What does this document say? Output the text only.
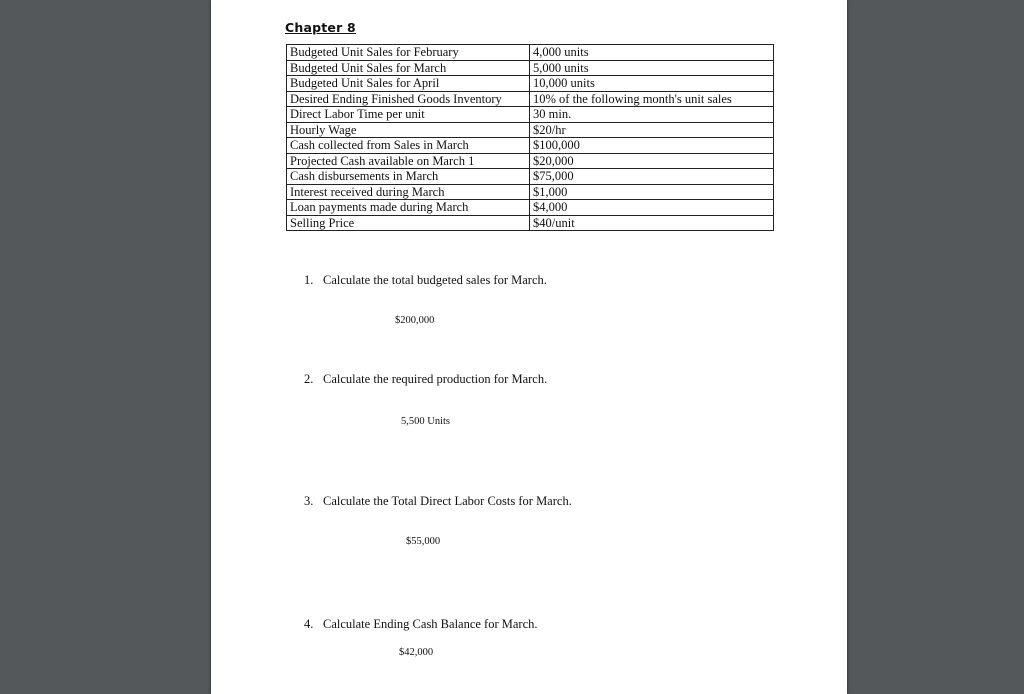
Chapter 8
Budgeted Unit Sales for February	4,000 units
Budgeted Unit Sales for March	5,000 units
Budgeted Unit Sales for April	10,000 units
Desired Ending Finished Goods Inventory	10% of the following month's unit sales
Direct Labor Time per unit	30 min.
Hourly Wage	$20/hr
Cash collected from Sales in March	$100,000
Projected Cash available on March 1	$20,000
Cash disbursements in March	$75,000
Interest received during March	$1,000
Loan payments made during March	$4,000
Selling Price	$40/unit
1. Calculate the total budgeted sales for March.
$200,000
2. Calculate the required production for March.
5,500 Units
3. Calculate the Total Direct Labor Costs for March.
$55,000
4. Calculate Ending Cash Balance for March.
$42,000
